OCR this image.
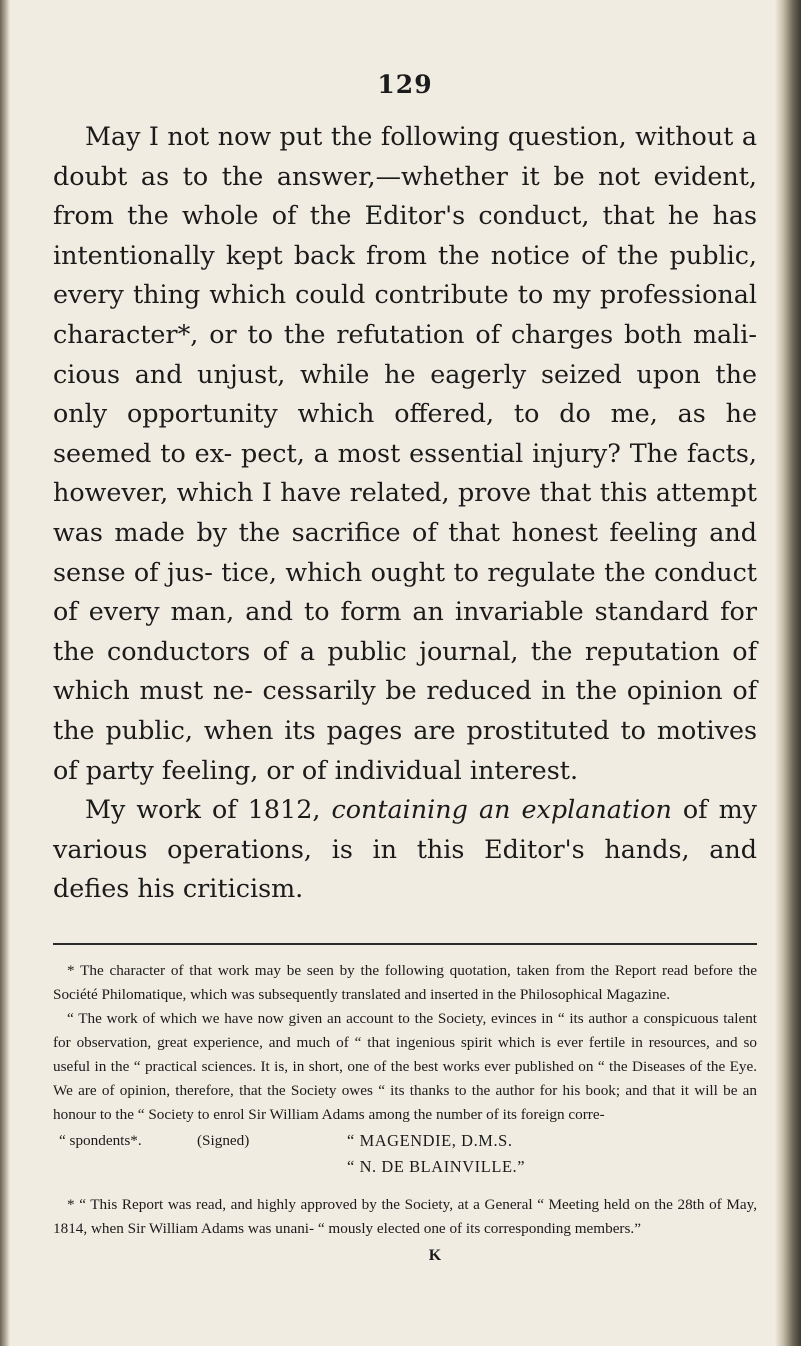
129

May I not now put the following question, without a doubt as to the answer,—whether it be not evident, from the whole of the Editor's conduct, that he has intentionally kept back from the notice of the public, every thing which could contribute to my professional character*, or to the refutation of charges both mali- cious and unjust, while he eagerly seized upon the only opportunity which offered, to do me, as he seemed to ex- pect, a most essential injury? The facts, however, which I have related, prove that this attempt was made by the sacrifice of that honest feeling and sense of jus- tice, which ought to regulate the conduct of every man, and to form an invariable standard for the conductors of a public journal, the reputation of which must ne- cessarily be reduced in the opinion of the public, when its pages are prostituted to motives of party feeling, or of individual interest.

My work of 1812, containing an explanation of my various operations, is in this Editor's hands, and defies his criticism.

* The character of that work may be seen by the following quotation, taken from the Report read before the Société Philomatique, which was subsequently translated and inserted in the Philosophical Magazine.

“ The work of which we have now given an account to the Society, evinces in “ its author a conspicuous talent for observation, great experience, and much of “ that ingenious spirit which is ever fertile in resources, and so useful in the “ practical sciences. It is, in short, one of the best works ever published on “ the Diseases of the Eye. We are of opinion, therefore, that the Society owes “ its thanks to the author for his book; and that it will be an honour to the “ Society to enrol Sir William Adams among the number of its foreign corre-

“ spondents*.	(Signed)	“ MAGENDIE, D.M.S.
“ N. DE BLAINVILLE.”

* “ This Report was read, and highly approved by the Society, at a General “ Meeting held on the 28th of May, 1814, when Sir William Adams was unani- “ mously elected one of its corresponding members.”

K
